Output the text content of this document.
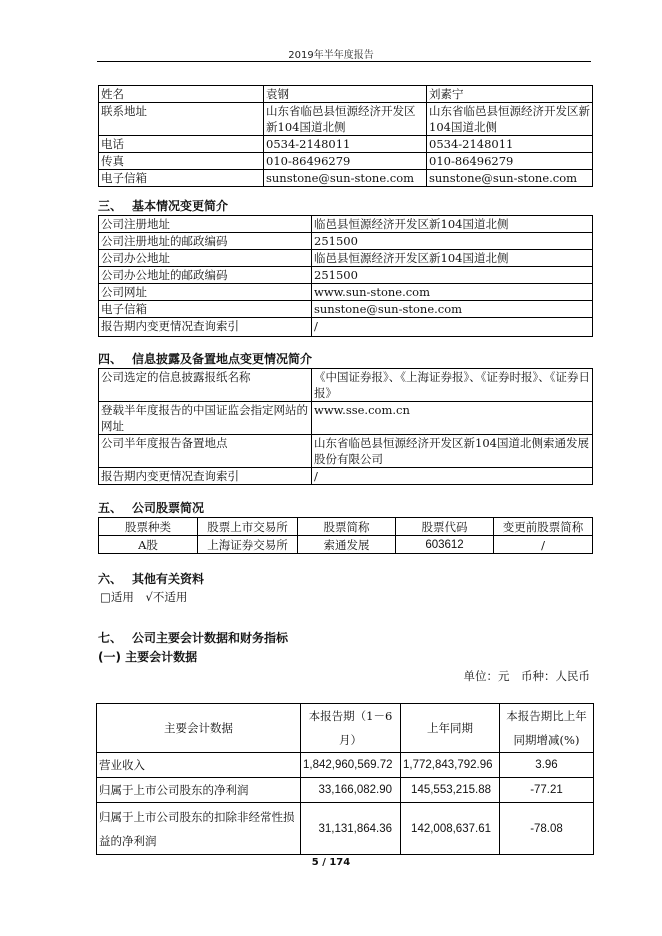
2019年半年度报告
姓名	袁钢	刘素宁
联系地址	山东省临邑县恒源经济开发区新104国道北侧	山东省临邑县恒源经济开发区新104国道北侧
电话	0534-2148011	0534-2148011
传真	010-86496279	010-86496279
电子信箱	sunstone@sun-stone.com	sunstone@sun-stone.com
三、 基本情况变更简介
公司注册地址	临邑县恒源经济开发区新104国道北侧
公司注册地址的邮政编码	251500
公司办公地址	临邑县恒源经济开发区新104国道北侧
公司办公地址的邮政编码	251500
公司网址	www.sun-stone.com
电子信箱	sunstone@sun-stone.com
报告期内变更情况查询索引	/
四、 信息披露及备置地点变更情况简介
公司选定的信息披露报纸名称	《中国证券报》、《上海证券报》、《证券时报》、《证券日报》
登载半年度报告的中国证监会指定网站的网址	www.sse.com.cn
公司半年度报告备置地点	山东省临邑县恒源经济开发区新104国道北侧索通发展股份有限公司
报告期内变更情况查询索引	/
五、 公司股票简况
股票种类	股票上市交易所	股票简称	股票代码	变更前股票简称
A股	上海证券交易所	索通发展	603612	/
六、 其他有关资料
□适用 √不适用
七、 公司主要会计数据和财务指标
(一) 主要会计数据
单位：元　币种：人民币
主要会计数据	本报告期（1－6月）	上年同期	本报告期比上年同期增减(%)
营业收入	1,842,960,569.72	1,772,843,792.96	3.96
归属于上市公司股东的净利润	33,166,082.90	145,553,215.88	-77.21
归属于上市公司股东的扣除非经常性损益的净利润	31,131,864.36	142,008,637.61	-78.08
5 / 174
